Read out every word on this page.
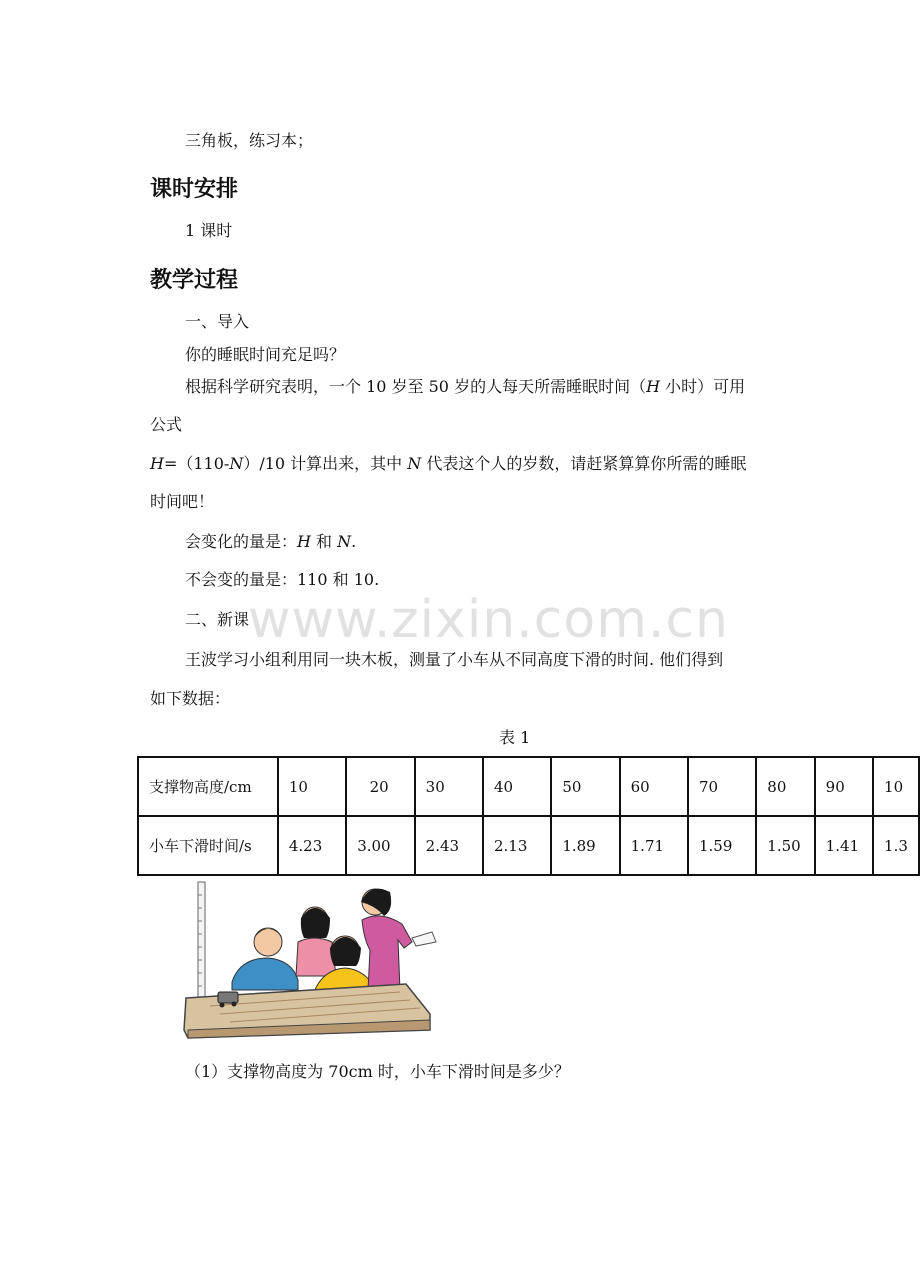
三角板，练习本；
课时安排
1 课时
教学过程
一、导入
你的睡眠时间充足吗？
根据科学研究表明，一个 10 岁至 50 岁的人每天所需睡眠时间（H 小时）可用
公式
H=（110-N）/10 计算出来，其中 N 代表这个人的岁数，请赶紧算算你所需的睡眠
时间吧！
会变化的量是：H 和 N.
不会变的量是：110 和 10.
www.zixin.com.cn
二、新课
王波学习小组利用同一块木板，测量了小车从不同高度下滑的时间. 他们得到
如下数据：
表 1
支撑物高度/cm	10	20	30	40	50	60	70	80	90	10
小车下滑时间/s	4.23	3.00	2.43	2.13	1.89	1.71	1.59	1.50	1.41	1.3
（1）支撑物高度为 70cm 时，小车下滑时间是多少？
